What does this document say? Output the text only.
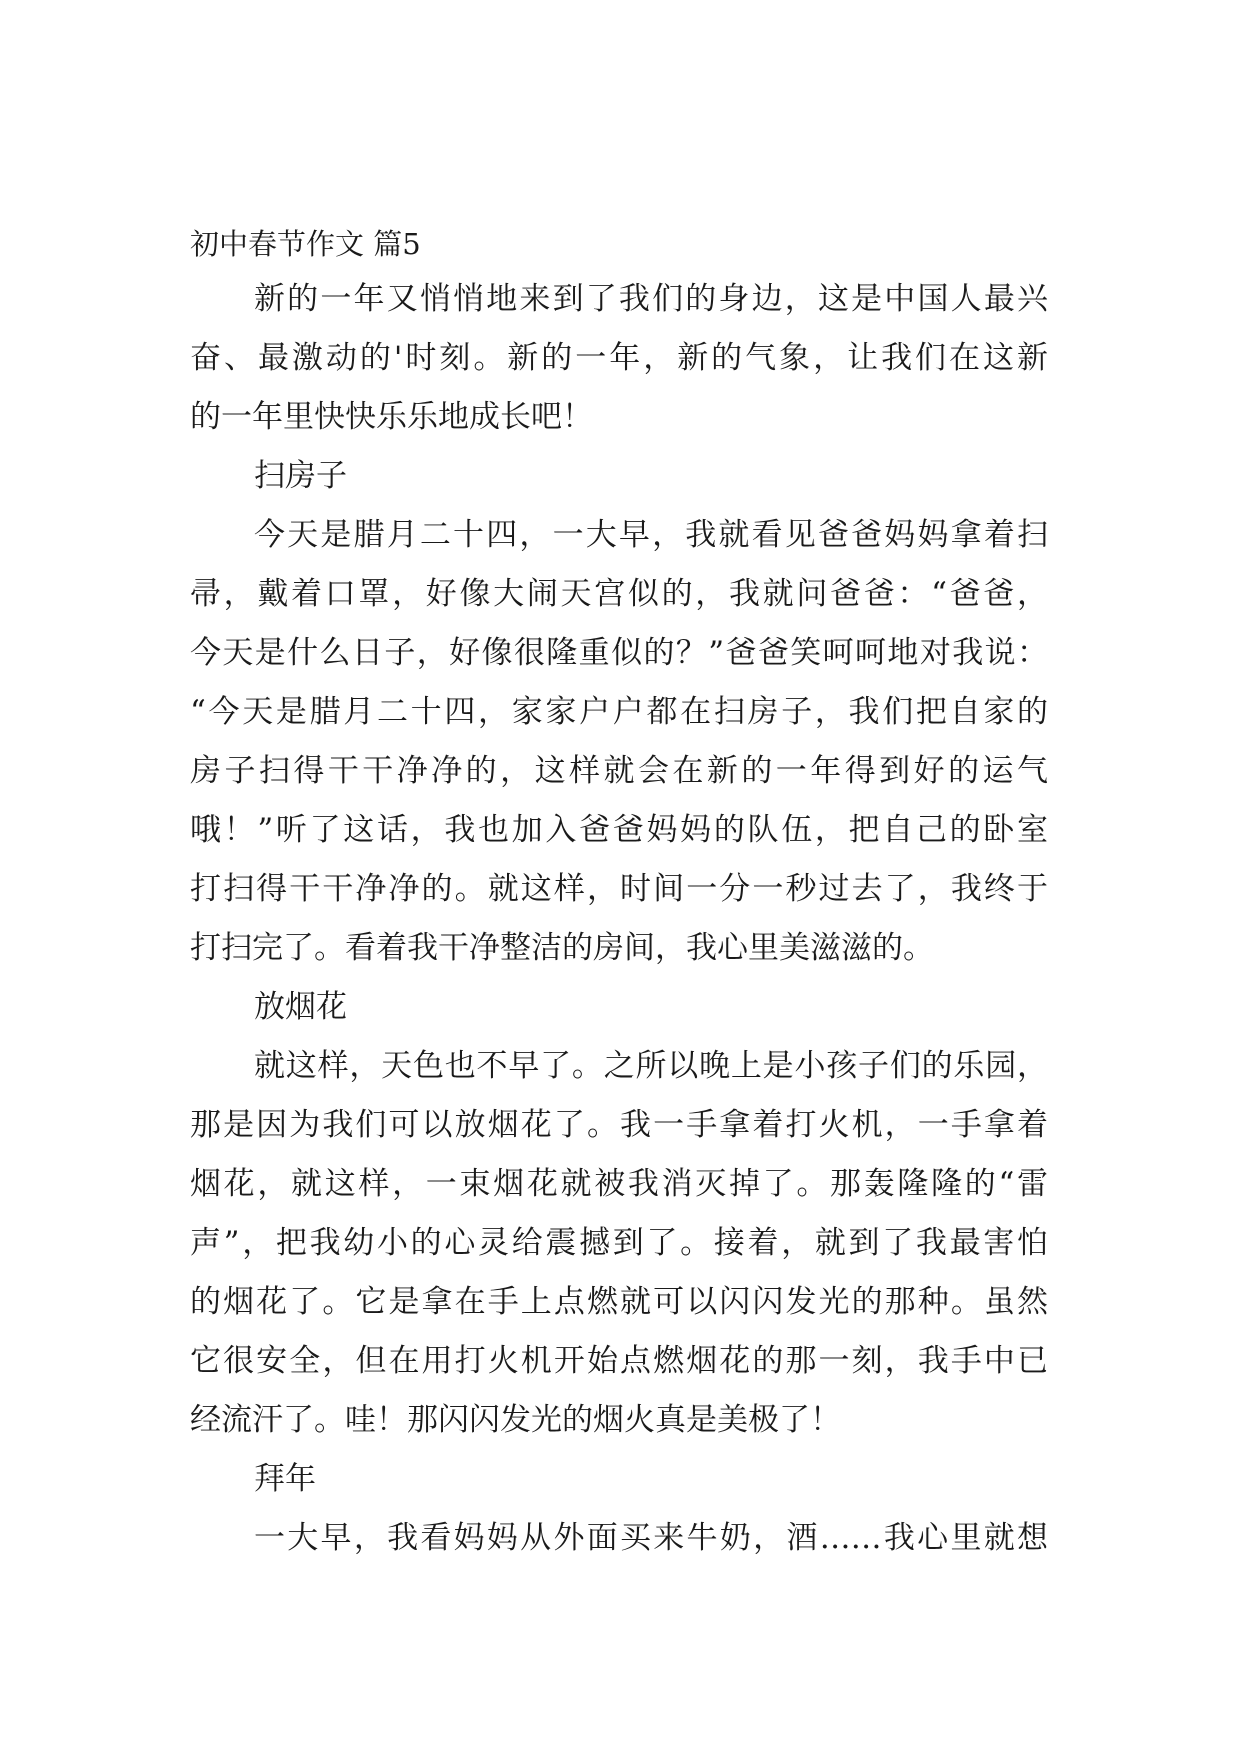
初中春节作文 篇5
新的一年又悄悄地来到了我们的身边，这是中国人最兴
奋、最激动的'时刻。新的一年，新的气象，让我们在这新
的一年里快快乐乐地成长吧！
扫房子
今天是腊月二十四，一大早，我就看见爸爸妈妈拿着扫
帚，戴着口罩，好像大闹天宫似的，我就问爸爸：“爸爸，
今天是什么日子，好像很隆重似的？”爸爸笑呵呵地对我说：
“今天是腊月二十四，家家户户都在扫房子，我们把自家的
房子扫得干干净净的，这样就会在新的一年得到好的运气
哦！”听了这话，我也加入爸爸妈妈的队伍，把自己的卧室
打扫得干干净净的。就这样，时间一分一秒过去了，我终于
打扫完了。看着我干净整洁的房间，我心里美滋滋的。
放烟花
就这样，天色也不早了。之所以晚上是小孩子们的乐园，
那是因为我们可以放烟花了。我一手拿着打火机，一手拿着
烟花，就这样，一束烟花就被我消灭掉了。那轰隆隆的“雷
声”，把我幼小的心灵给震撼到了。接着，就到了我最害怕
的烟花了。它是拿在手上点燃就可以闪闪发光的那种。虽然
它很安全，但在用打火机开始点燃烟花的那一刻，我手中已
经流汗了。哇！那闪闪发光的烟火真是美极了！
拜年
一大早，我看妈妈从外面买来牛奶，酒……我心里就想
